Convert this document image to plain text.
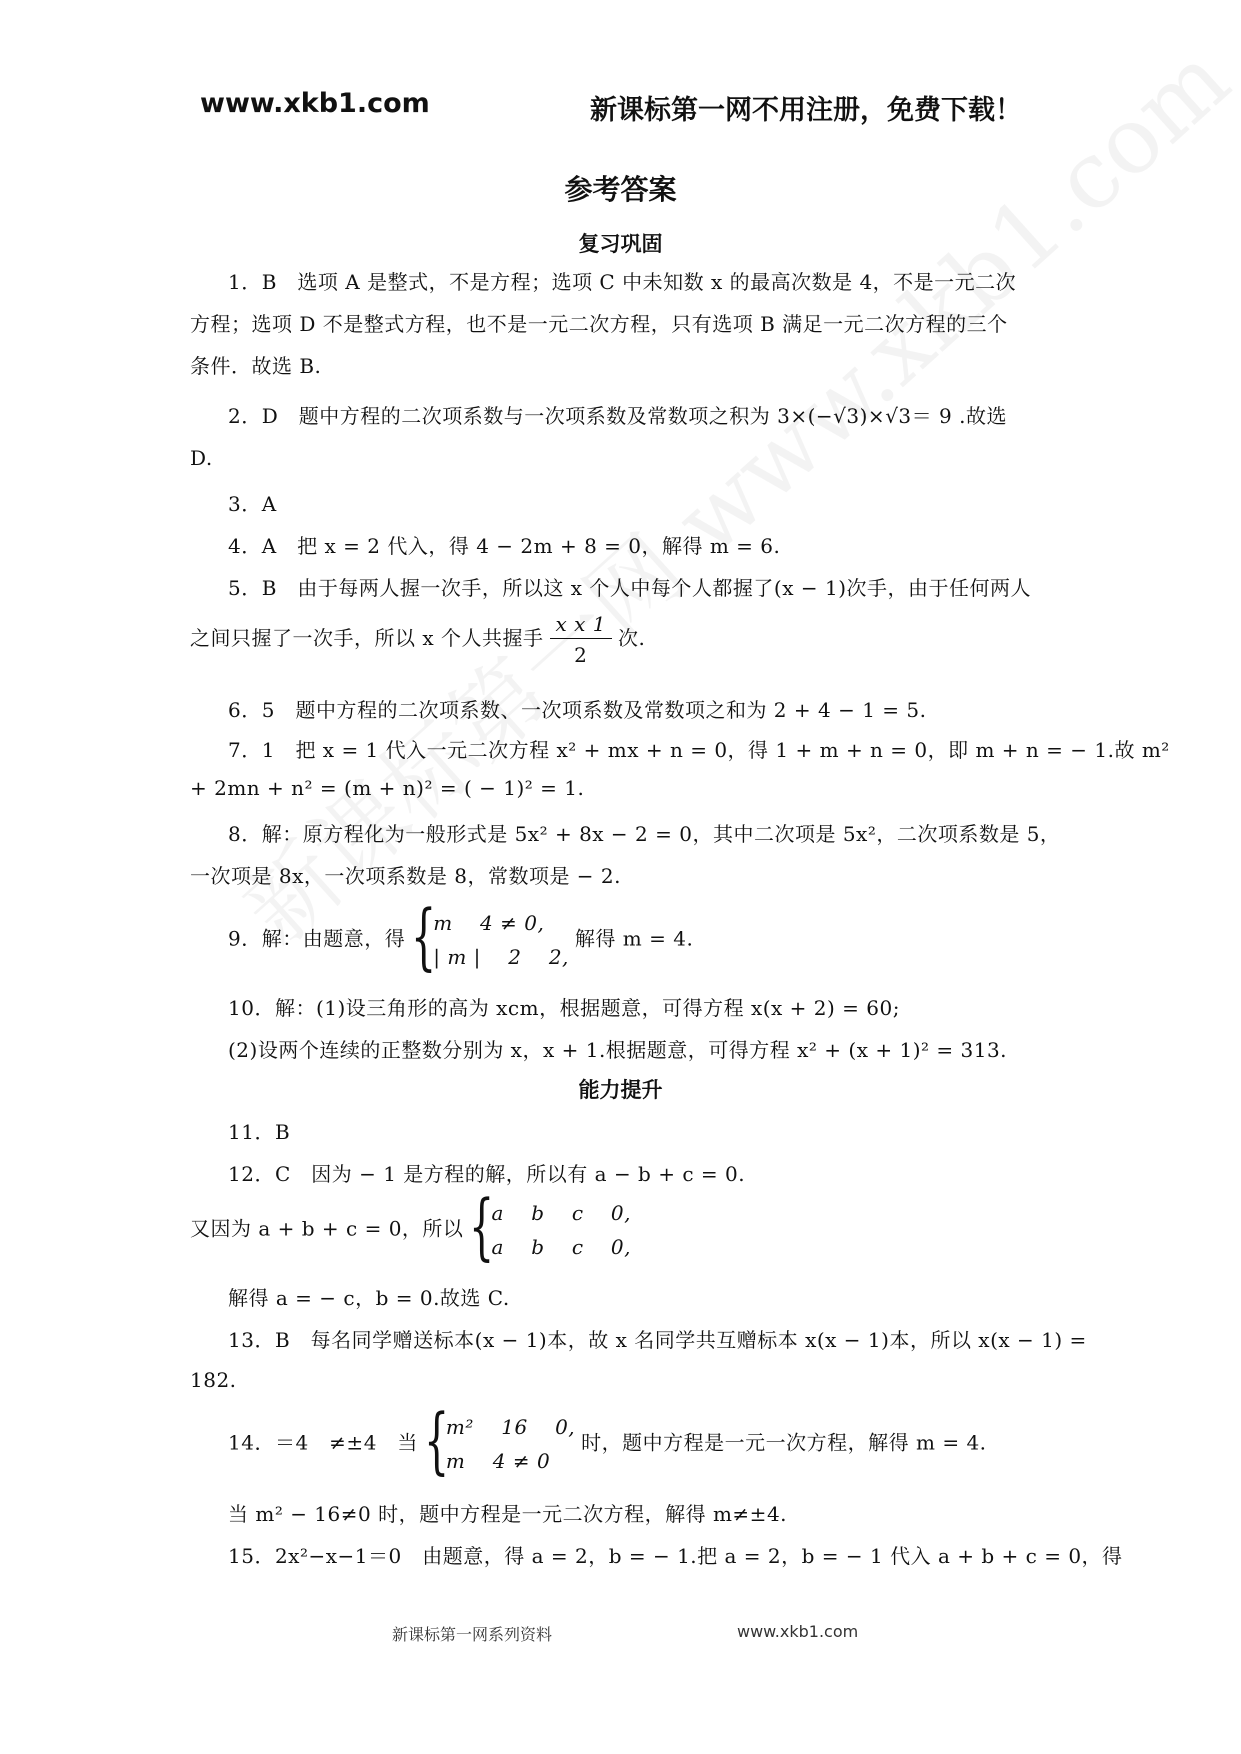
www.xkb1.com	新课标第一网不用注册，免费下载！
参考答案
复习巩固
1．B　选项 A 是整式，不是方程；选项 C 中未知数 x 的最高次数是 4，不是一元二次
方程；选项 D 不是整式方程，也不是一元二次方程，只有选项 B 满足一元二次方程的三个
条件．故选 B.
2．D　题中方程的二次项系数与一次项系数及常数项之积为 3×(−√3)×√3＝ 9 .故选
D.
3．A
4．A　把 x = 2 代入，得 4 − 2m + 8 = 0，解得 m = 6.
5．B　由于每两人握一次手，所以这 x 个人中每个人都握了(x − 1)次手，由于任何两人
之间只握了一次手，所以 x 个人共握手 $\frac{\text{x x 1}}{2}$ 次.
6．5　题中方程的二次项系数、一次项系数及常数项之和为 2 + 4 − 1 = 5.
7．1　把 x = 1 代入一元二次方程 x² + mx + n = 0，得 1 + m + n = 0，即 m + n = − 1.故 m²
+ 2mn + n² = (m + n)² = ( − 1)² = 1.
8．解：原方程化为一般形式是 5x² + 8x − 2 = 0，其中二次项是 5x²，二次项系数是 5，
一次项是 8x，一次项系数是 8，常数项是 − 2.
9．解：由题意，得 {
m 　4 ≠ 0,
| m | 　2 　2,
解得 m = 4.
10．解：(1)设三角形的高为 xcm，根据题意，可得方程 x(x + 2) = 60;
(2)设两个连续的正整数分别为 x，x + 1.根据题意，可得方程 x² + (x + 1)² = 313.
能力提升
11．B
12．C　因为 − 1 是方程的解，所以有 a − b + c = 0.
又因为 a + b + c = 0，所以 {
a 　b 　c 　0,
a 　b 　c 　0,
解得 a = − c，b = 0.故选 C.
13．B　每名同学赠送标本(x − 1)本，故 x 名同学共互赠标本 x(x − 1)本，所以 x(x − 1) =
182.
14．＝4　≠±4　当 {
m² 　16 　0,
m 　4 ≠ 0
时，题中方程是一元一次方程，解得 m = 4.
当 m² − 16≠0 时，题中方程是一元二次方程，解得 m≠±4.
15．2x²−x−1＝0　由题意，得 a = 2，b = − 1.把 a = 2，b = − 1 代入 a + b + c = 0，得
新课标第一网系列资料	www.xkb1.com
